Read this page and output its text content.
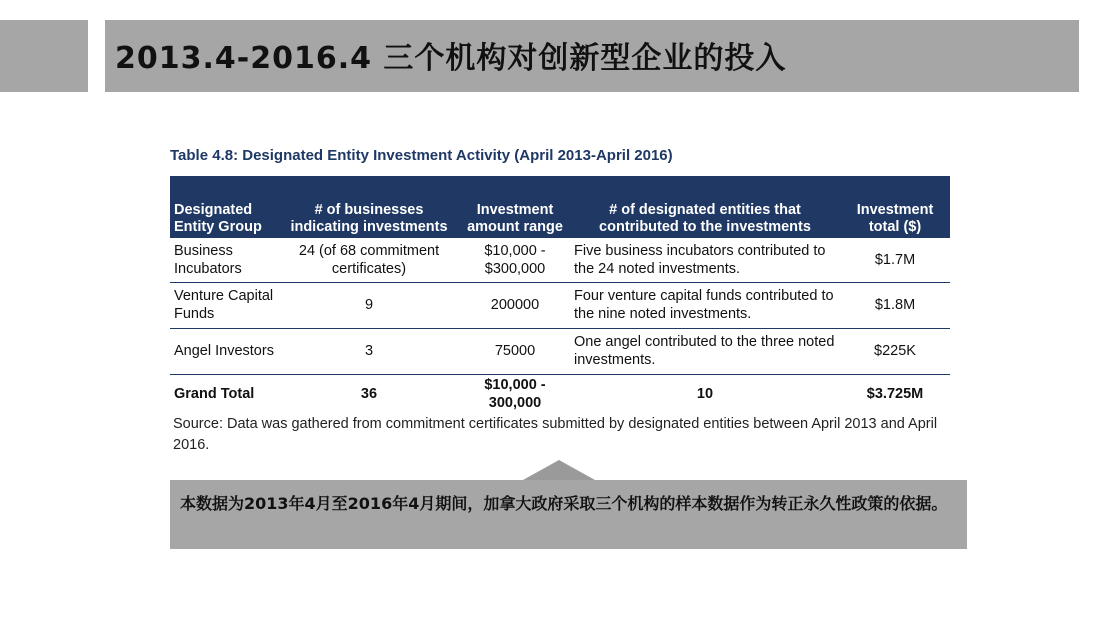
2013.4-2016.4 三个机构对创新型企业的投入
Table 4.8: Designated Entity Investment Activity (April 2013-April 2016)
Designated Entity Group	# of businesses indicating investments	Investment amount range	# of designated entities that contributed to the investments	Investment total ($)
Business Incubators	24 (of 68 commitment certificates)	$10,000 - $300,000	Five business incubators contributed to the 24 noted investments.	$1.7M
Venture Capital Funds	9	200000	Four venture capital funds contributed to the nine noted investments.	$1.8M
Angel Investors	3	75000	One angel contributed to the three noted investments.	$225K
Grand Total	36	$10,000 - 300,000	10	$3.725M
Source: Data was gathered from commitment certificates submitted by designated entities between April 2013 and April 2016.
本数据为2013年4月至2016年4月期间，加拿大政府采取三个机构的样本数据作为转正永久性政策的依据。
